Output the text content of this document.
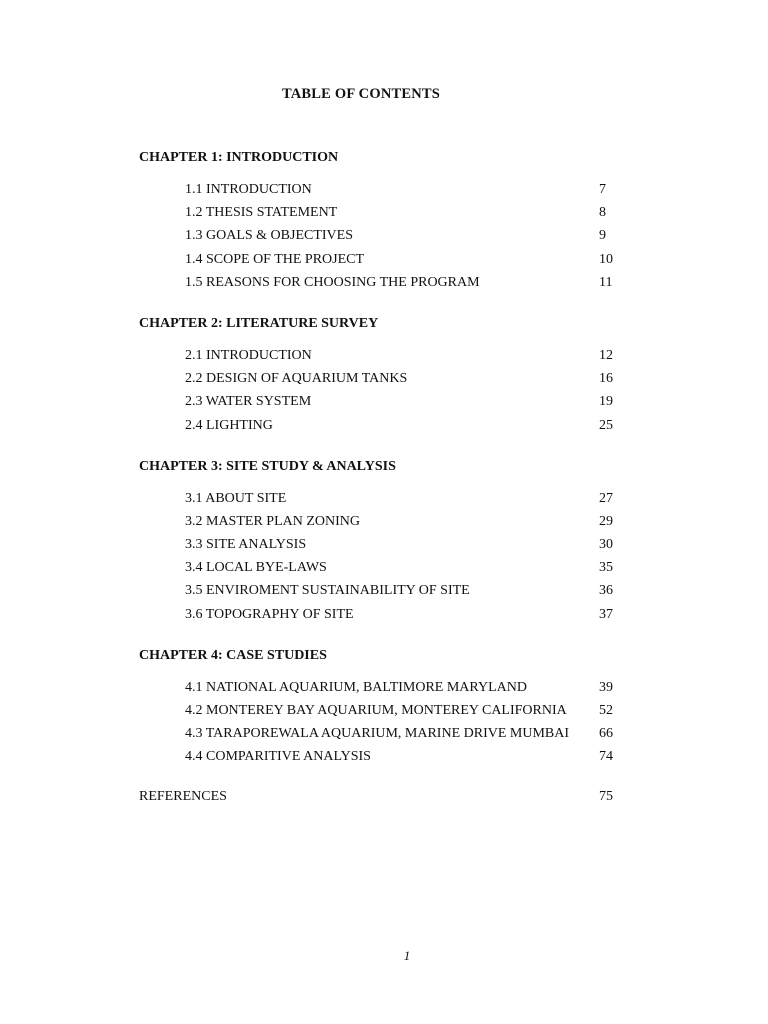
TABLE OF CONTENTS
CHAPTER 1: INTRODUCTION
1.1 INTRODUCTION	7
1.2 THESIS STATEMENT	8
1.3 GOALS & OBJECTIVES	9
1.4 SCOPE OF THE PROJECT	10
1.5 REASONS FOR CHOOSING THE PROGRAM	11
CHAPTER 2: LITERATURE SURVEY
2.1 INTRODUCTION	12
2.2 DESIGN OF AQUARIUM TANKS	16
2.3 WATER SYSTEM	19
2.4 LIGHTING	25
CHAPTER 3: SITE STUDY & ANALYSIS
3.1 ABOUT SITE	27
3.2 MASTER PLAN ZONING	29
3.3 SITE ANALYSIS	30
3.4 LOCAL BYE-LAWS	35
3.5 ENVIROMENT SUSTAINABILITY OF SITE	36
3.6 TOPOGRAPHY OF SITE	37
CHAPTER 4: CASE STUDIES
4.1 NATIONAL AQUARIUM, BALTIMORE MARYLAND	39
4.2 MONTEREY BAY AQUARIUM, MONTEREY CALIFORNIA	52
4.3 TARAPOREWALA AQUARIUM, MARINE DRIVE MUMBAI	66
4.4 COMPARITIVE ANALYSIS	74
REFERENCES	75
1
